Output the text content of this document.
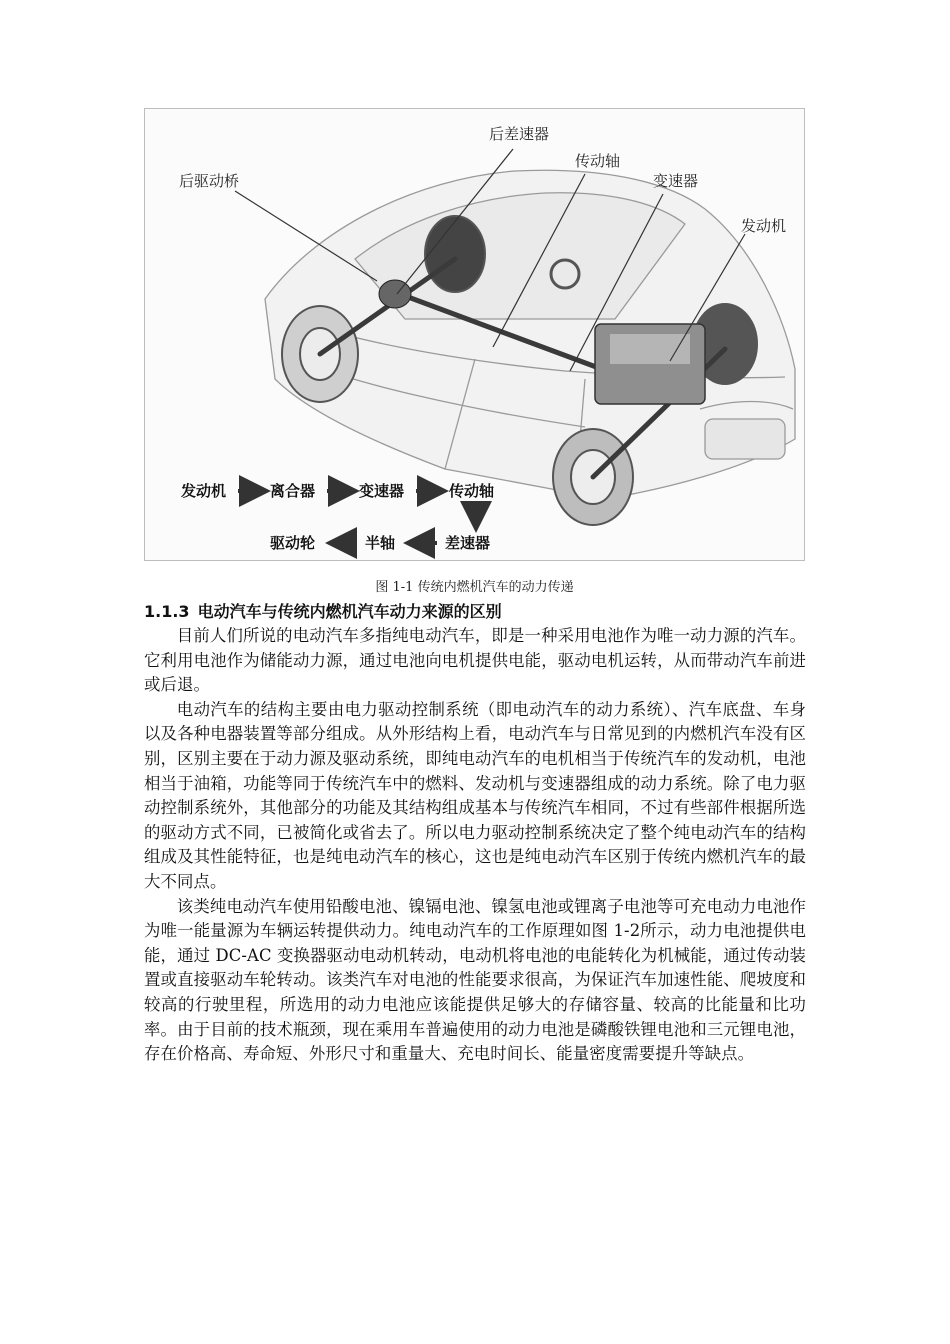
后差速器
后驱动桥
传动轴
变速器
发动机
发动机	离合器	变速器	传动轴
驱动轮	半轴	差速器
图 1-1 传统内燃机汽车的动力传递
1.1.3 电动汽车与传统内燃机汽车动力来源的区别

目前人们所说的电动汽车多指纯电动汽车，即是一种采用电池作为唯一动力源的汽车。它利用电池作为储能动力源，通过电池向电机提供电能，驱动电机运转，从而带动汽车前进或后退。

电动汽车的结构主要由电力驱动控制系统（即电动汽车的动力系统）、汽车底盘、车身以及各种电器装置等部分组成。从外形结构上看，电动汽车与日常见到的内燃机汽车没有区别，区别主要在于动力源及驱动系统，即纯电动汽车的电机相当于传统汽车的发动机，电池相当于油箱，功能等同于传统汽车中的燃料、发动机与变速器组成的动力系统。除了电力驱动控制系统外，其他部分的功能及其结构组成基本与传统汽车相同，不过有些部件根据所选的驱动方式不同，已被简化或省去了。所以电力驱动控制系统决定了整个纯电动汽车的结构组成及其性能特征，也是纯电动汽车的核心，这也是纯电动汽车区别于传统内燃机汽车的最大不同点。

该类纯电动汽车使用铅酸电池、镍镉电池、镍氢电池或锂离子电池等可充电动力电池作为唯一能量源为车辆运转提供动力。纯电动汽车的工作原理如图 1-2所示，动力电池提供电能，通过 DC-AC 变换器驱动电动机转动，电动机将电池的电能转化为机械能，通过传动装置或直接驱动车轮转动。该类汽车对电池的性能要求很高，为保证汽车加速性能、爬坡度和较高的行驶里程，所选用的动力电池应该能提供足够大的存储容量、较高的比能量和比功率。由于目前的技术瓶颈，现在乘用车普遍使用的动力电池是磷酸铁锂电池和三元锂电池，存在价格高、寿命短、外形尺寸和重量大、充电时间长、能量密度需要提升等缺点。
